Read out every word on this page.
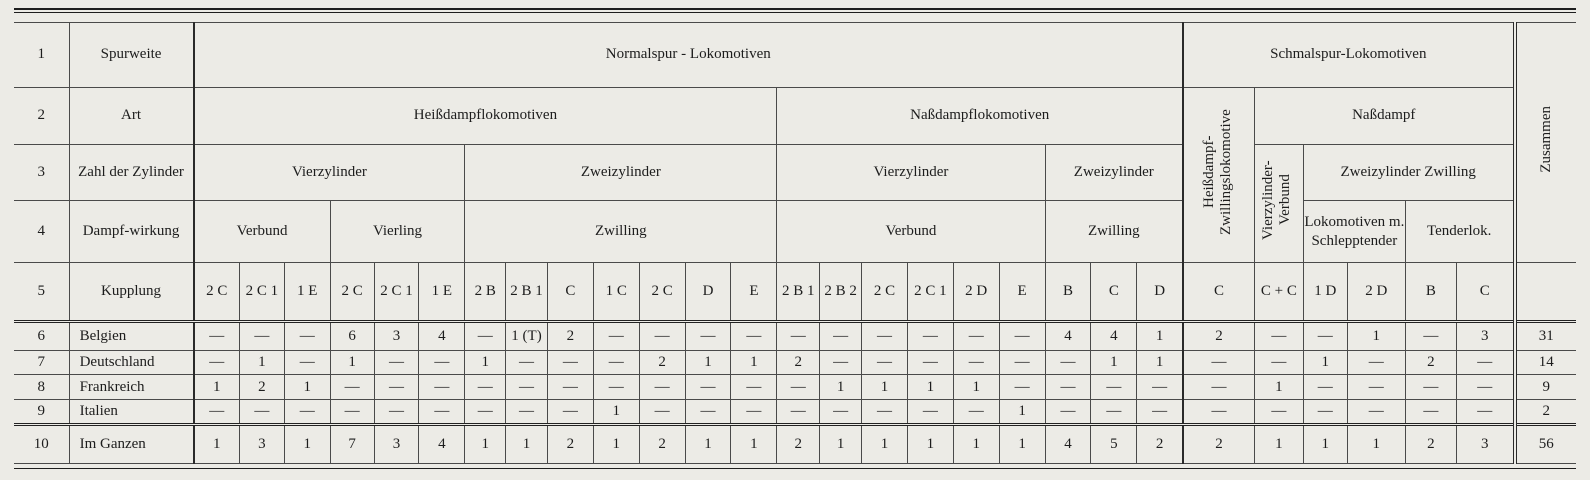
1	Spurweite	Normalspur - Lokomotiven																						Schmalspur-Lokomotiven						Zusammen
2	Art	Heißdampflokomotiven													Naßdampflokomotiven									Heißdampf-Zwillingslokomotive	Naßdampf					
3	Zahl der Zylinder	Vierzylinder						Zweizylinder							Vierzylinder						Zweizylinder				Vierzylinder-Verbund	Zweizylinder Zwilling				
4	Dampf-wirkung	Verbund			Vierling			Zwilling							Verbund						Zwilling					Lokomotiven m. Schlepptender		Tenderlok.		
5	Kupplung	2 C	2 C 1	1 E	2 C	2 C 1	1 E	2 B	2 B 1	C	1 C	2 C	D	E	2 B 1	2 B 2	2 C	2 C 1	2 D	E	B	C	D	C	C + C	1 D	2 D	B	C	
6	Belgien	—	—	—	6	3	4	—	1 (T)	2	—	—	—	—	—	—	—	—	—	—	4	4	1	2	—	—	1	—	3	31
7	Deutschland	—	1	—	1	—	—	1	—	—	—	2	1	1	2	—	—	—	—	—	—	1	1	—	—	1	—	2	—	14
8	Frankreich	1	2	1	—	—	—	—	—	—	—	—	—	—	—	1	1	1	1	—	—	—	—	—	1	—	—	—	—	9
9	Italien	—	—	—	—	—	—	—	—	—	1	—	—	—	—	—	—	—	—	1	—	—	—	—	—	—	—	—	—	2
10	Im Ganzen	1	3	1	7	3	4	1	1	2	1	2	1	1	2	1	1	1	1	1	4	5	2	2	1	1	1	2	3	56
